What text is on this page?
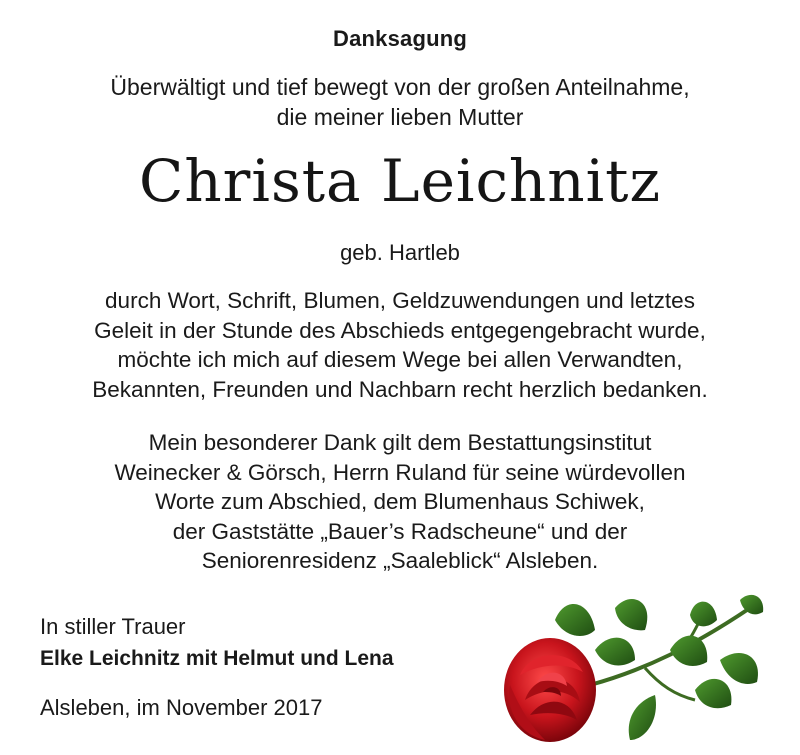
Danksagung
Überwältigt und tief bewegt von der großen Anteilnahme,
die meiner lieben Mutter
Christa Leichnitz
geb. Hartleb
durch Wort, Schrift, Blumen, Geldzuwendungen und letztes
Geleit in der Stunde des Abschieds entgegengebracht wurde,
möchte ich mich auf diesem Wege bei allen Verwandten,
Bekannten, Freunden und Nachbarn recht herzlich bedanken.
Mein besonderer Dank gilt dem Bestattungsinstitut
Weinecker & Görsch, Herrn Ruland für seine würdevollen
Worte zum Abschied, dem Blumenhaus Schiwek,
der Gaststätte „Bauer’s Radscheune“ und der
Seniorenresidenz „Saaleblick“ Alsleben.
In stiller Trauer
Elke Leichnitz mit Helmut und Lena
Alsleben, im November 2017
